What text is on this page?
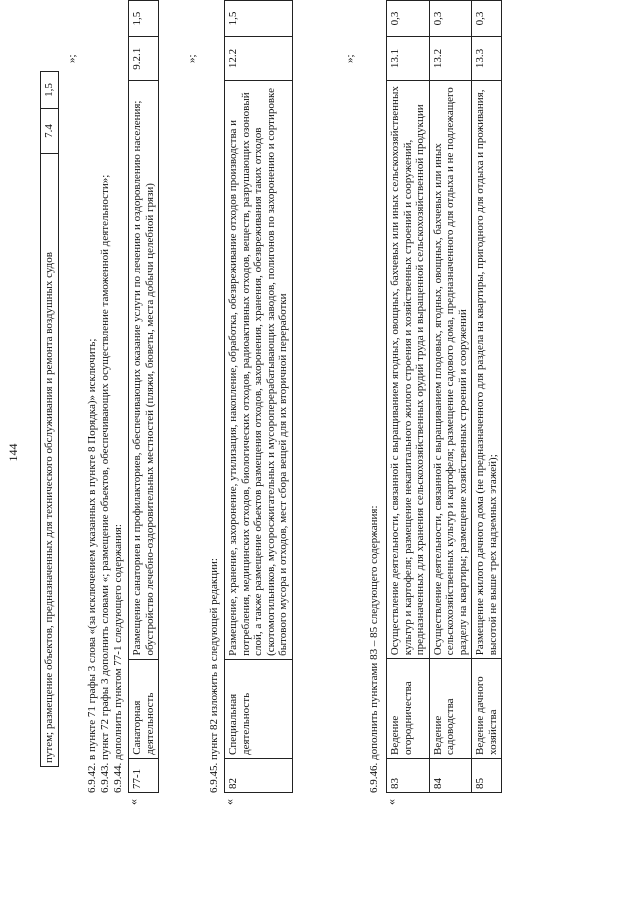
144 путем; размещение объектов, предназначенных для технического обслуживания и ремонта воздушных судов	7.4	1,5
»;
6.9.42. в пункте 71 графы 3 слова «(за исключением указанных в пункте 8 Порядка)» исключить; 6.9.43. пункт 72 графы 3 дополнить словами «; размещение объектов, обеспечивающих осуществление таможенной деятельности»; 6.9.44. дополнить пунктом 77-1 следующего содержания:
«
77-1	Санаторная деятельность	Размещение санаториев и профилакториев, обеспечивающих оказание услуги по лечению и оздоровлению населения; обустройство лечебно-оздоровительных местностей (пляжи, бюветы, места добычи целебной грязи)	9.2.1	1,5
»;
6.9.45. пункт 82 изложить в следующей редакции:
«
82	Специальная деятельность	Размещение, хранение, захоронение, утилизация, накопление, обработка, обезвреживание отходов производства и потребления, медицинских отходов, биологических отходов, радиоактивных отходов, веществ, разрушающих озоновый слой, а также размещение объектов размещения отходов, захоронения, хранения, обезвреживания таких отходов (скотомогильников, мусоросжигательных и мусороперерабатывающих заводов, полигонов по захоронению и сортировке бытового мусора и отходов, мест сбора вещей для их вторичной переработки	12.2	1,5
»;
6.9.46. дополнить пунктами 83 – 85 следующего содержания:
«
83	Ведение огородничества	Осуществление деятельности, связанной с выращиванием ягодных, овощных, бахчевых или иных сельскохозяйственных культур и картофеля; размещение некапитального жилого строения и хозяйственных строений и сооружений, предназначенных для хранения сельскохозяйственных орудий труда и выращенной сельскохозяйственной продукции	13.1	0,3
84	Ведение садоводства	Осуществление деятельности, связанной с выращиванием плодовых, ягодных, овощных, бахчевых или иных сельскохозяйственных культур и картофеля; размещение садового дома, предназначенного для отдыха и не подлежащего разделу на квартиры; размещение хозяйственных строений и сооружений	13.2	0,3
85	Ведение дачного хозяйства	Размещение жилого дачного дома (не предназначенного для раздела на квартиры, пригодного для отдыха и проживания, высотой не выше трех надземных этажей);	13.3	0,3
